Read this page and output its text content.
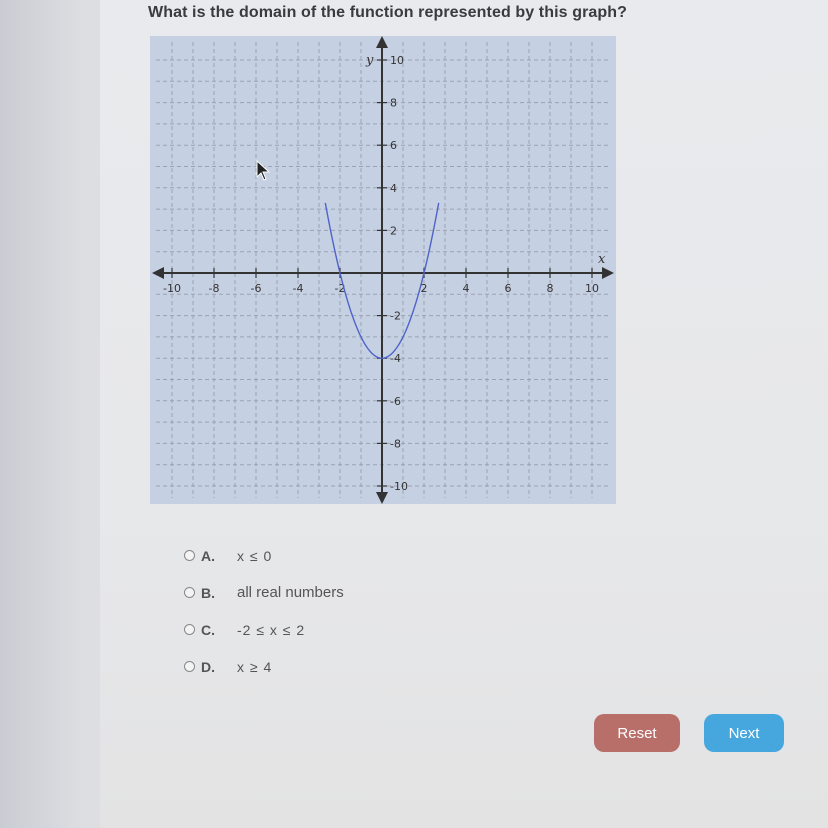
What is the domain of the function represented by this graph?
-10	-8	-6	-4	-2	2	4	6	8	10
10
8
6
4
2
-2
-4
-6
-8
-10
x
y
A.	x ≤ 0
B.	all real numbers
C.	-2 ≤ x ≤ 2
D.	x ≥ 4
Reset	Next
